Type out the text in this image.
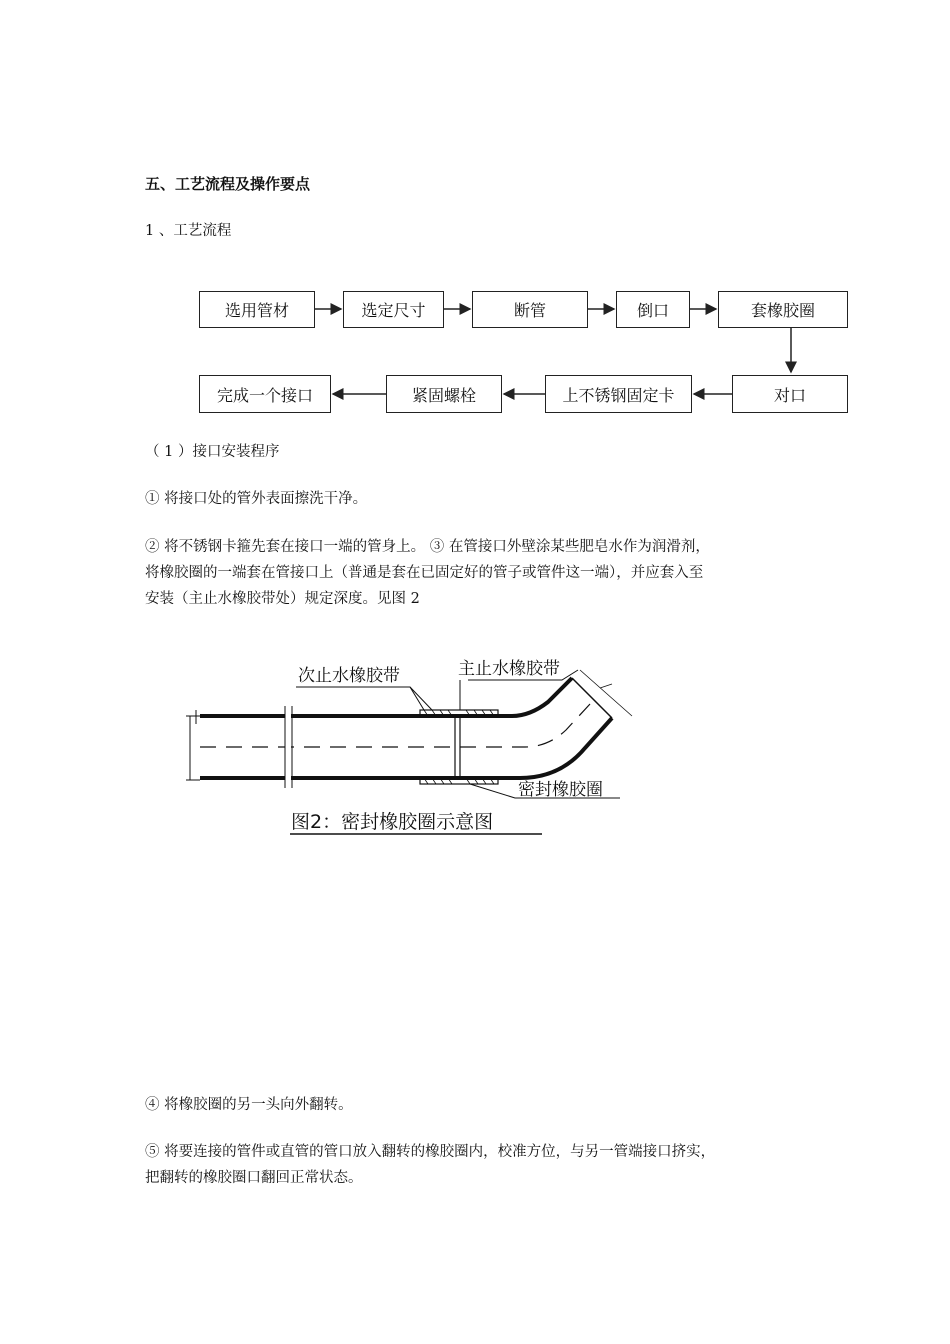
五、工艺流程及操作要点
1 、工艺流程
选用管材	选定尺寸	断管	倒口	套橡胶圈
完成一个接口	紧固螺栓	上不锈钢固定卡	对口
（ 1 ）接口安装程序
① 将接口处的管外表面擦洗干净。
② 将不锈钢卡箍先套在接口一端的管身上。 ③ 在管接口外壁涂某些肥皂水作为润滑剂，
将橡胶圈的一端套在管接口上（普通是套在已固定好的管子或管件这一端），并应套入至
安装（主止水橡胶带处）规定深度。见图 2
次止水橡胶带	主止水橡胶带
密封橡胶圈
图2：密封橡胶圈示意图
④ 将橡胶圈的另一头向外翻转。
⑤ 将要连接的管件或直管的管口放入翻转的橡胶圈内，校准方位，与另一管端接口挤实，
把翻转的橡胶圈口翻回正常状态。
